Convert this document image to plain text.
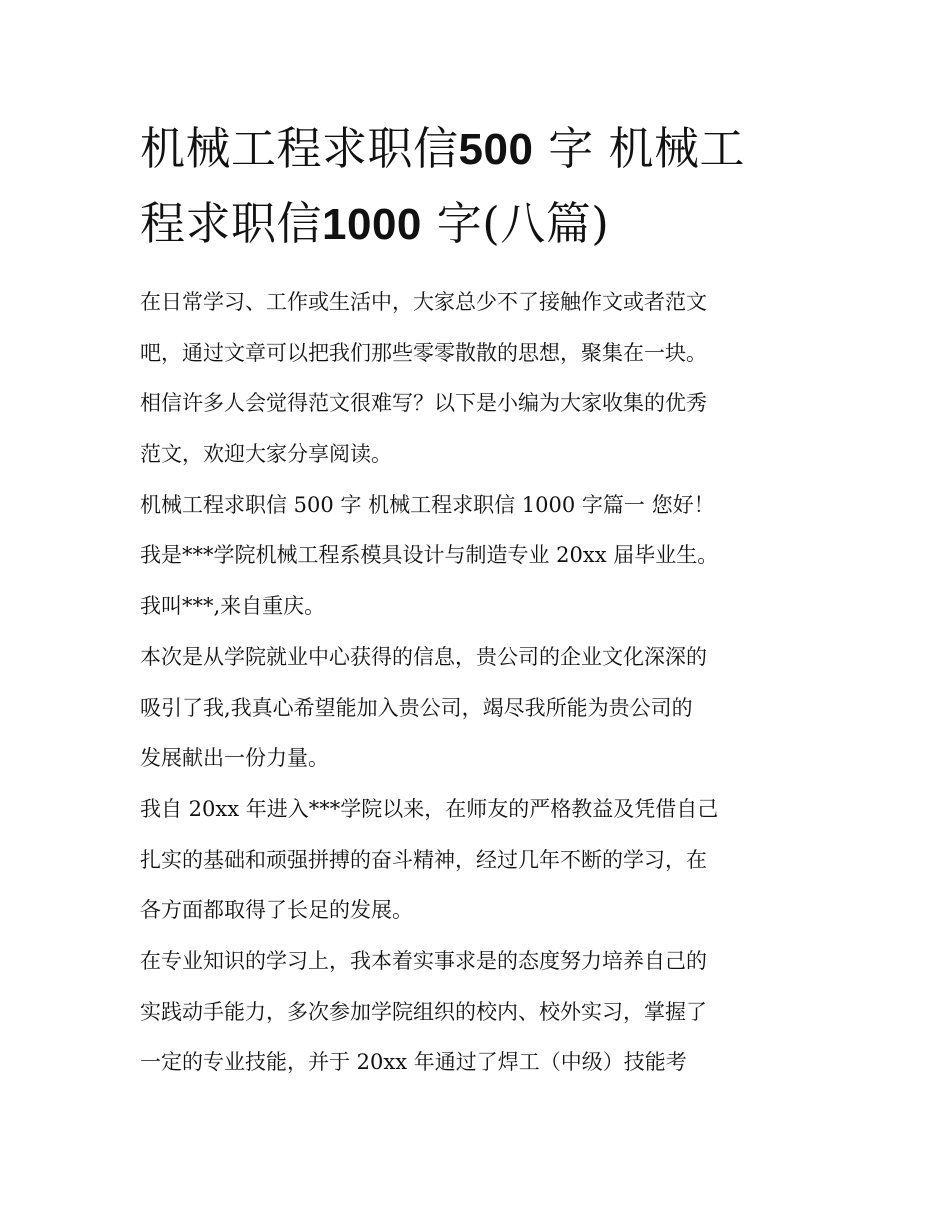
机械工程求职信500 字 机械工
程求职信1000 字(八篇)
在日常学习、工作或生活中，大家总少不了接触作文或者范文
吧，通过文章可以把我们那些零零散散的思想，聚集在一块。
相信许多人会觉得范文很难写？以下是小编为大家收集的优秀
范文，欢迎大家分享阅读。
机械工程求职信 500 字 机械工程求职信 1000 字篇一 您好！
我是***学院机械工程系模具设计与制造专业 20xx 届毕业生。
我叫***,来自重庆。
本次是从学院就业中心获得的信息，贵公司的企业文化深深的
吸引了我,我真心希望能加入贵公司，竭尽我所能为贵公司的
发展献出一份力量。
我自 20xx 年进入***学院以来，在师友的严格教益及凭借自己
扎实的基础和顽强拼搏的奋斗精神，经过几年不断的学习，在
各方面都取得了长足的发展。
在专业知识的学习上，我本着实事求是的态度努力培养自己的
实践动手能力，多次参加学院组织的校内、校外实习，掌握了
一定的专业技能，并于 20xx 年通过了焊工（中级）技能考
